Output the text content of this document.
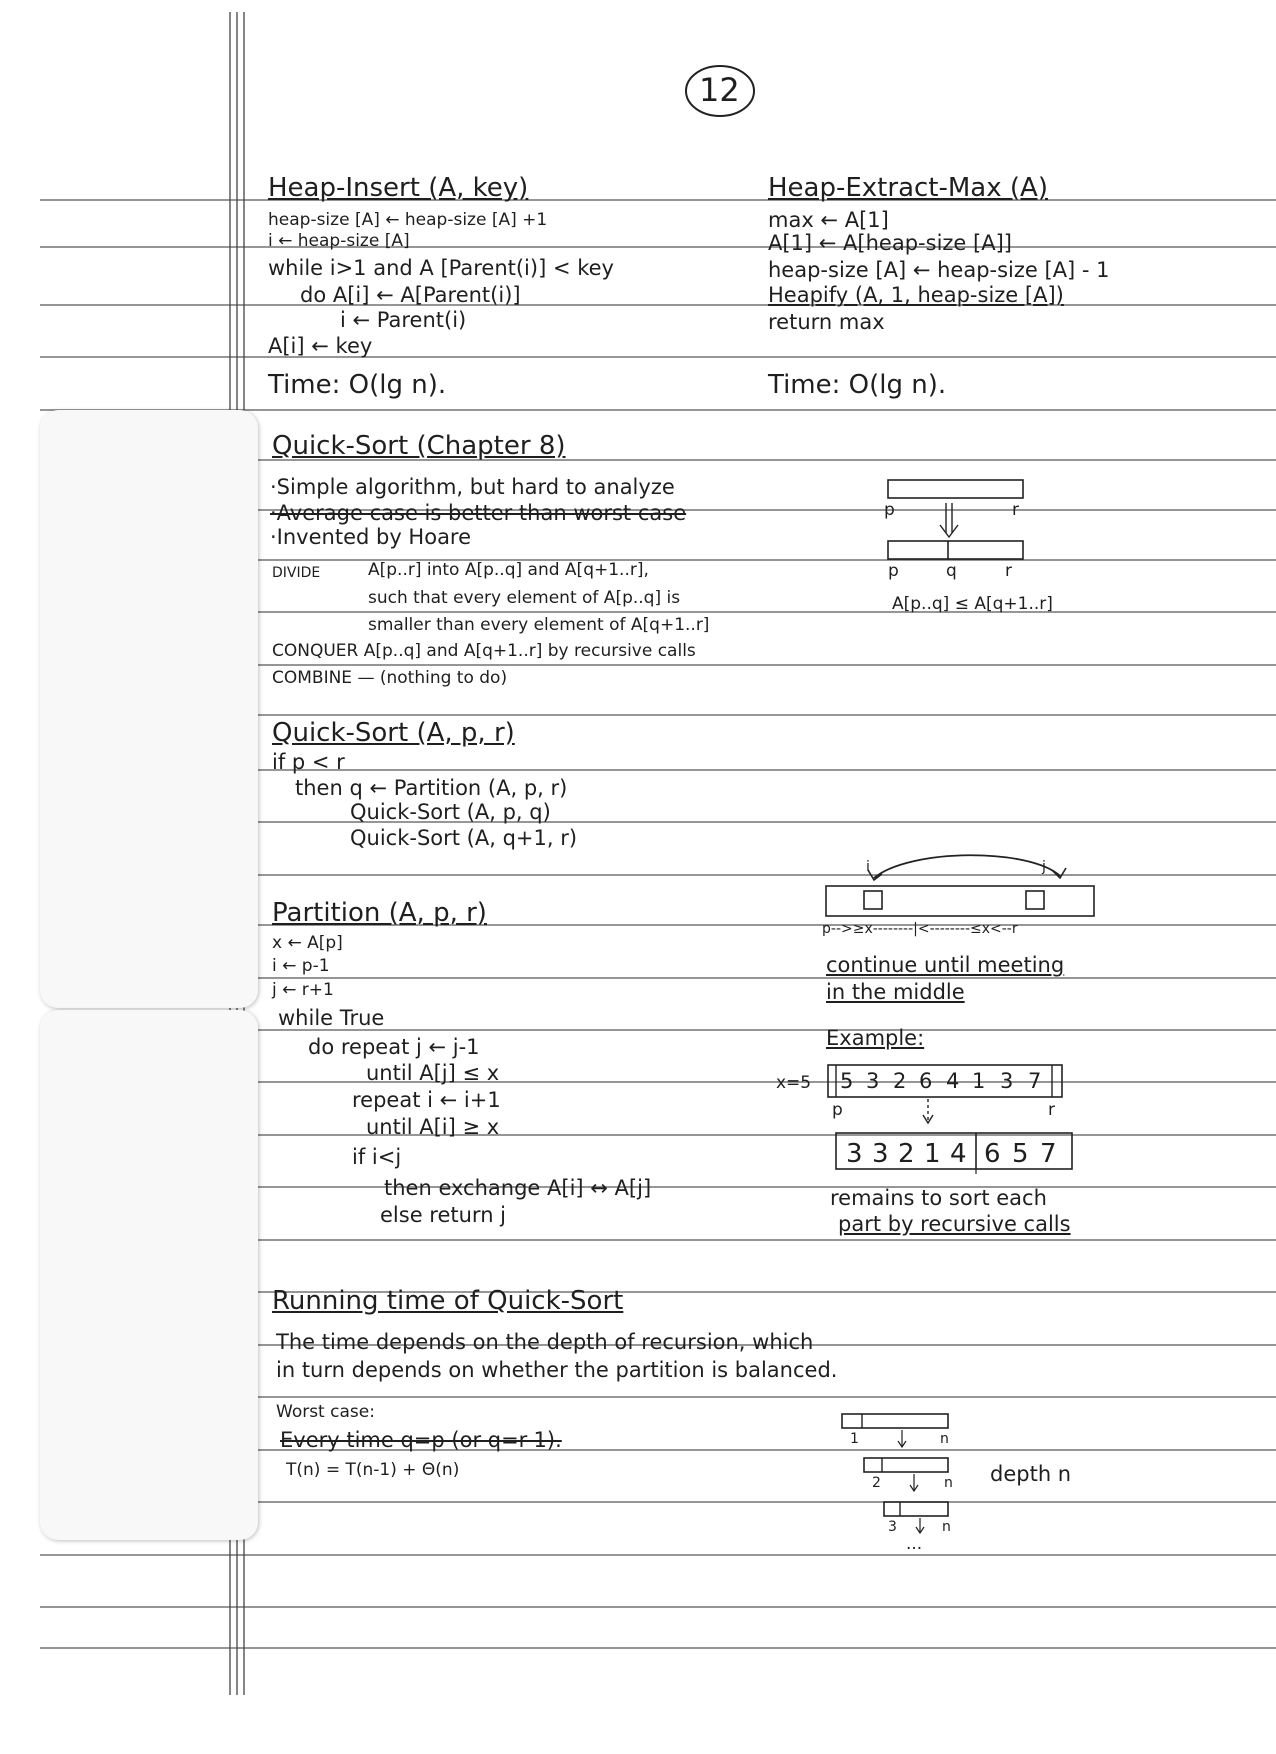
12
Heap-Insert (A, key)
heap-size [A] ← heap-size [A] +1
i ← heap-size [A]
while i>1 and A [Parent(i)] < key
do A[i] ← A[Parent(i)]
i ← Parent(i)
A[i] ← key
Time: O(lg n).
Heap-Extract-Max (A)
max ← A[1]
A[1] ← A[heap-size [A]]
heap-size [A] ← heap-size [A] - 1
Heapify (A, 1, heap-size [A])
return max
Time: O(lg n).
Quick-Sort (Chapter 8)
·Simple algorithm, but hard to analyze
·Average case is better than worst case
·Invented by Hoare
DIVIDE	A[p..r] into A[p..q] and A[q+1..r],
such that every element of A[p..q] is
smaller than every element of A[q+1..r]
CONQUER A[p..q] and A[q+1..r] by recursive calls
COMBINE — (nothing to do)
p	r
p	q	r
A[p..q] ≤ A[q+1..r]
Quick-Sort (A, p, r)
if p < r
then q ← Partition (A, p, r)
Quick-Sort (A, p, q)
Quick-Sort (A, q+1, r)
Partition (A, p, r)
x ← A[p]
i ← p-1
j ← r+1
while True
do repeat j ← j-1
until A[j] ≤ x
repeat i ← i+1
until A[i] ≥ x
if i<j
then exchange A[i] ↔ A[j]
else return j
i	j
p-->≥x--------|<--------≤x<--r
continue until meeting
in the middle
Example:
x=5 5 3 2 6 4 1 3 7
p	r
3 3 2 1 4 6 5 7
remains to sort each
part by recursive calls
Running time of Quick-Sort
The time depends on the depth of recursion, which
in turn depends on whether the partition is balanced.
Worst case:
Every time q=p (or q=r-1).
T(n) = T(n-1) + Θ(n)
1	n
2	n
3	n
...
depth n
